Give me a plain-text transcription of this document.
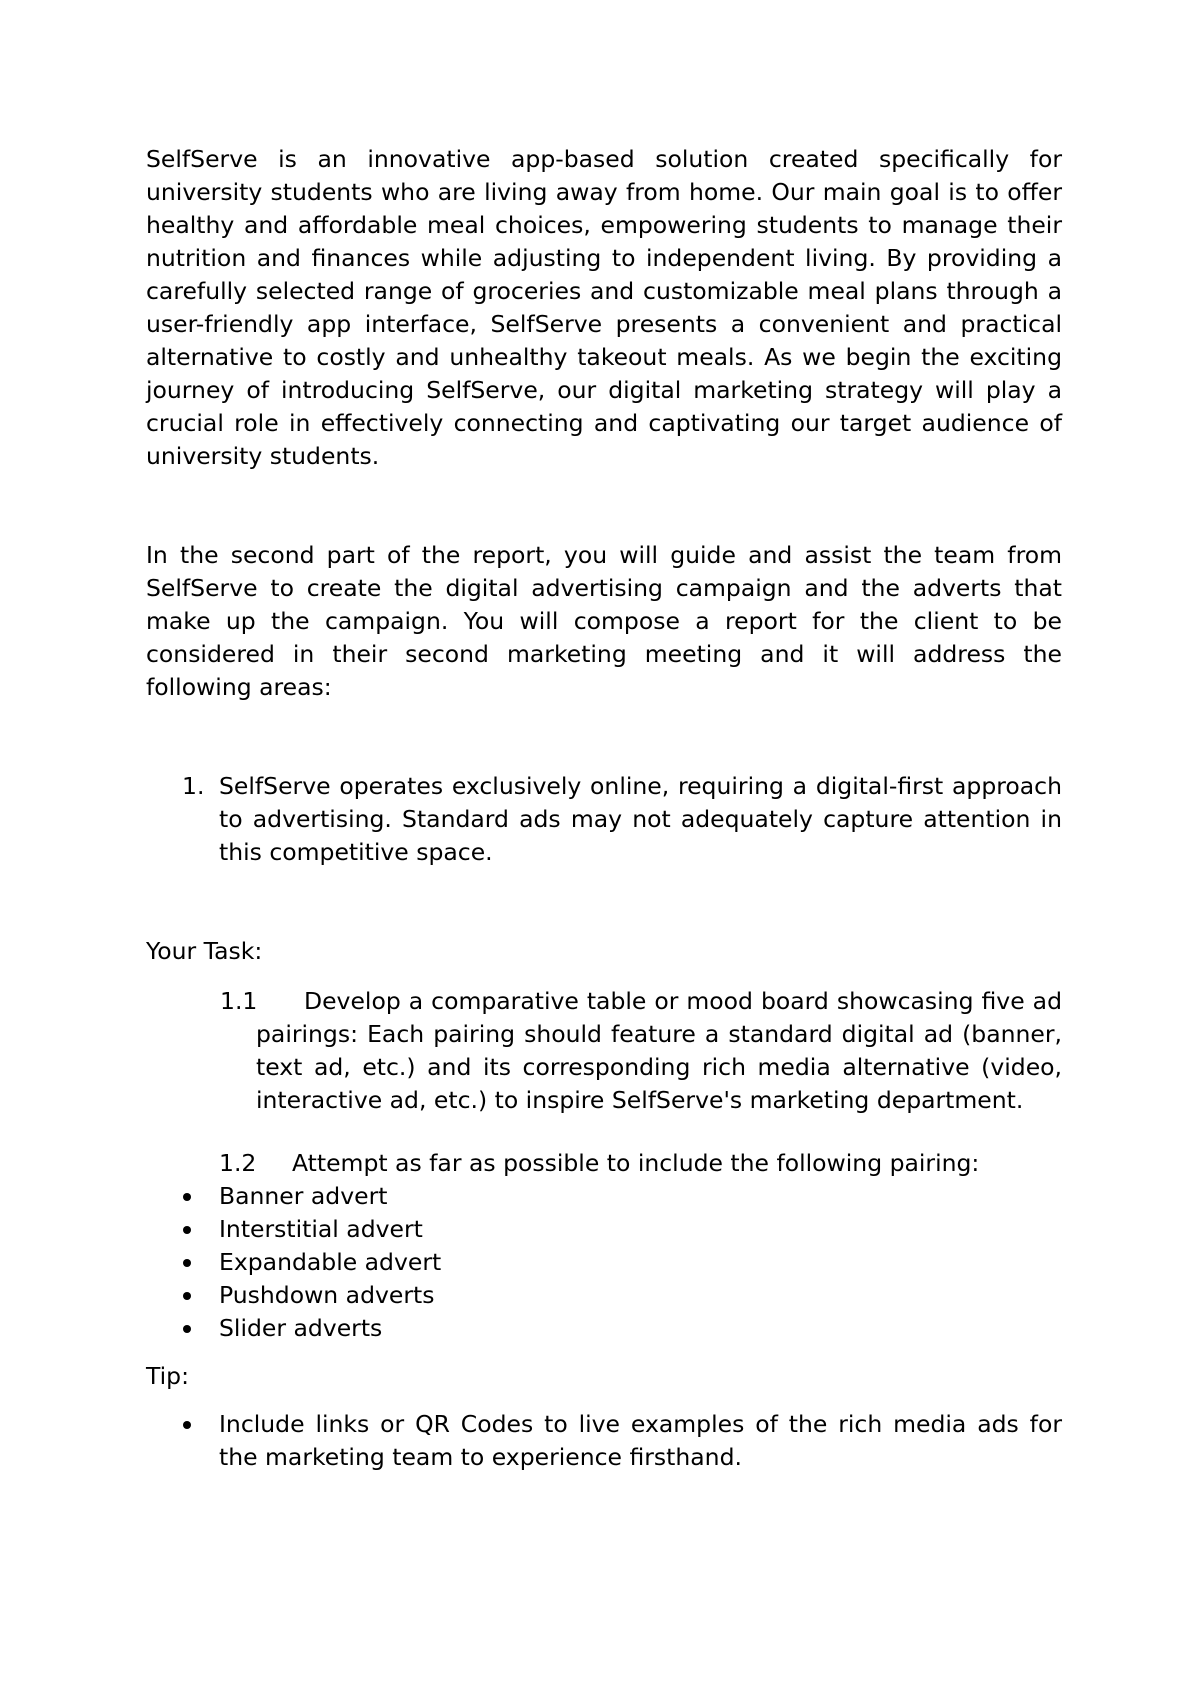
SelfServe is an innovative app-based solution created specifically for university students who are living away from home. Our main goal is to offer healthy and affordable meal choices, empowering students to manage their nutrition and finances while adjusting to independent living. By providing a carefully selected range of groceries and customizable meal plans through a user-friendly app interface, SelfServe presents a convenient and practical alternative to costly and unhealthy takeout meals. As we begin the exciting journey of introducing SelfServe, our digital marketing strategy will play a crucial role in effectively connecting and captivating our target audience of university students.

In the second part of the report, you will guide and assist the team from SelfServe to create the digital advertising campaign and the adverts that make up the campaign. You will compose a report for the client to be considered in their second marketing meeting and it will address the following areas:

1. SelfServe operates exclusively online, requiring a digital-first approach to advertising. Standard ads may not adequately capture attention in this competitive space.

Your Task:

1.1 Develop a comparative table or mood board showcasing five ad pairings: Each pairing should feature a standard digital ad (banner, text ad, etc.) and its corresponding rich media alternative (video, interactive ad, etc.) to inspire SelfServe's marketing department.
1.2 Attempt as far as possible to include the following pairing:
Banner advert
Interstitial advert
Expandable advert
Pushdown adverts
Slider adverts

Tip:

Include links or QR Codes to live examples of the rich media ads for the marketing team to experience firsthand.
